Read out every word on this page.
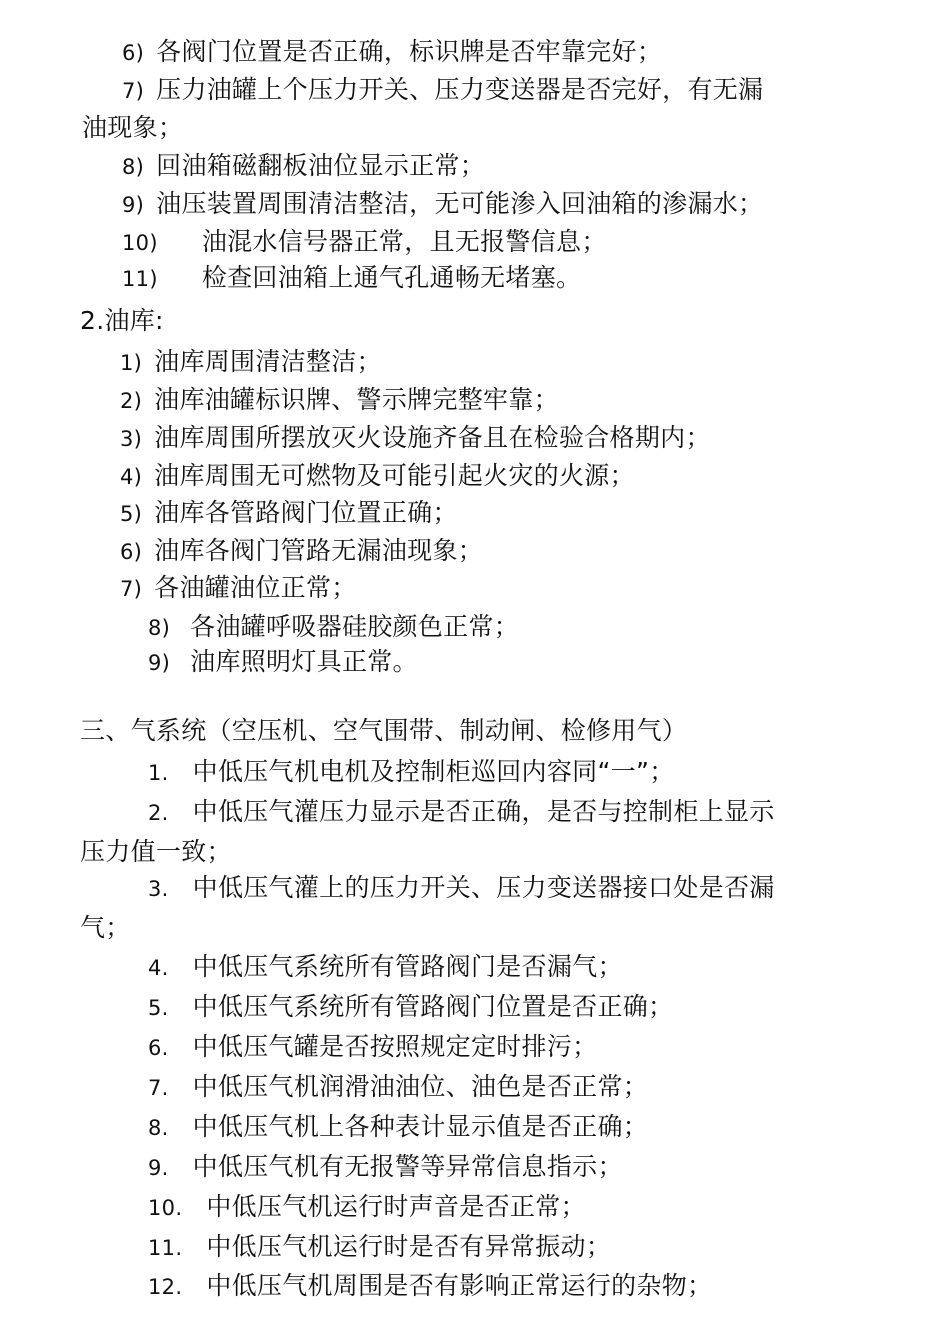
6) 各阀门位置是否正确，标识牌是否牢靠完好；
7) 压力油罐上个压力开关、压力变送器是否完好，有无漏
油现象；
8) 回油箱磁翻板油位显示正常；
9) 油压装置周围清洁整洁，无可能渗入回油箱的渗漏水；
10) 油混水信号器正常，且无报警信息；
11) 检查回油箱上通气孔通畅无堵塞。
2.油库:
1) 油库周围清洁整洁；
2) 油库油罐标识牌、警示牌完整牢靠；
3) 油库周围所摆放灭火设施齐备且在检验合格期内；
4) 油库周围无可燃物及可能引起火灾的火源；
5) 油库各管路阀门位置正确；
6) 油库各阀门管路无漏油现象；
7) 各油罐油位正常；
8) 各油罐呼吸器硅胶颜色正常；
9) 油库照明灯具正常。
三、气系统（空压机、空气围带、制动闸、检修用气）
1. 中低压气机电机及控制柜巡回内容同“一”；
2. 中低压气灌压力显示是否正确，是否与控制柜上显示
压力值一致；
3. 中低压气灌上的压力开关、压力变送器接口处是否漏
气；
4. 中低压气系统所有管路阀门是否漏气；
5. 中低压气系统所有管路阀门位置是否正确；
6. 中低压气罐是否按照规定定时排污；
7. 中低压气机润滑油油位、油色是否正常；
8. 中低压气机上各种表计显示值是否正确；
9. 中低压气机有无报警等异常信息指示；
10. 中低压气机运行时声音是否正常；
11. 中低压气机运行时是否有异常振动；
12. 中低压气机周围是否有影响正常运行的杂物；
